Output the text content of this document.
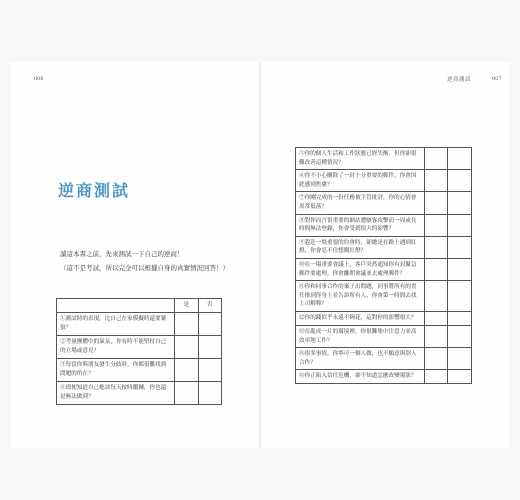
006	逆商測試	007
逆商測試
讀這本書之前，先來測試一下自己的逆商！
（這不是考試，所以完全可以根據自身的真實情況回答！）
	是	否
①測試時的表現，比自己在家模擬時還要緊張？		
②考量團體中的氣氛，你有時不能堅持自己的立場或意見？		
③每當你與朋友發生分歧時，你都很難找到問題的所在？		
④即便知道自己應該每天按時鍛鍊，你也還是無法做到？		
⑤你的個人生活和工作狀態已經失衡，但你卻很難改善這種情況？		
⑥你不小心刪除了一封十分重要的郵件，你會因此感到焦慮？		
⑦你剛完成的一份任務被主管批評，你的心情會異常低落？		
⑧對你而言很重要的網站遭駭客攻擊而一周或長時間無法登錄，你會受到很大的影響？		
⑨趕赴一場重要的約會時，卻總是在路上遇到紅燈，你會忍不住想闖紅燈？		
⑩在一場重要會議上，客戶突然通知你有封緊急郵件要處理，你會離開會議並去處理郵件？		
⑪你和同事合作的案子出問題，同事將所有的責任推到你身上並告訴所有人，你會第一時間去找上司解釋？		
⑫你的錢似乎永遠不夠花，這對你的影響很大？		
⑬在亂成一片的環境裡，你很難集中注意力並高效率地工作？		
⑭很多事情，你寧可一個人做，也不願意與別人合作？		
⑮你正陷入信任危機，卻不知道怎麼改變現狀？		
